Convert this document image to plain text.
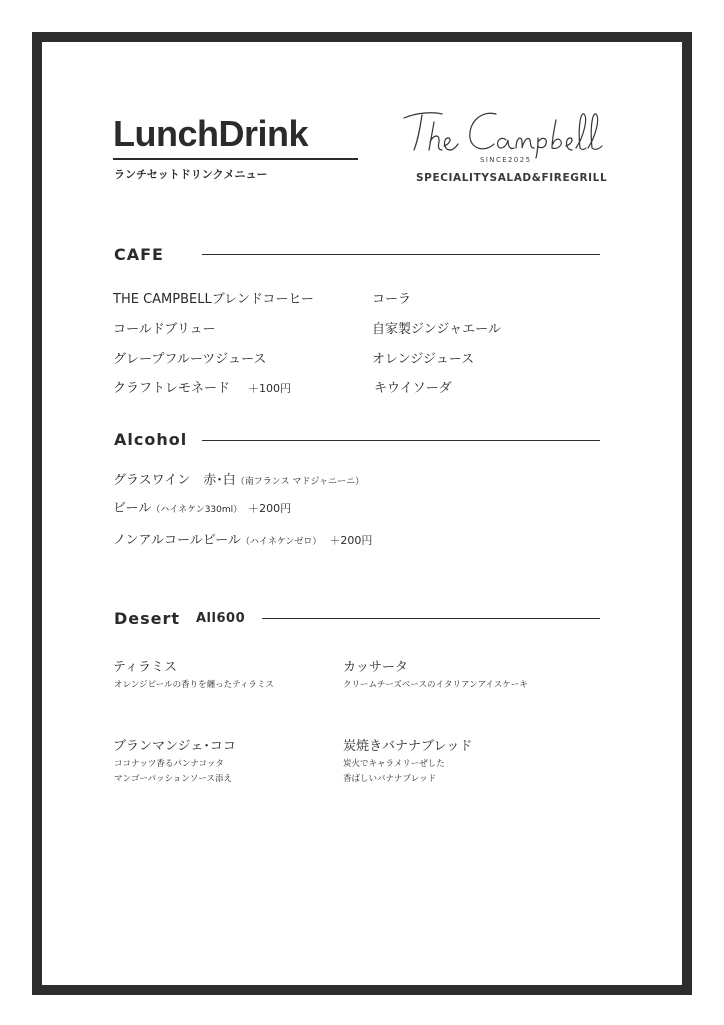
LunchDrink
ランチセットドリンクメニュー
SINCE2025
SPECIALITYSALAD&FIREGRILL
CAFE
THE CAMPBELLブレンドコーヒー
コールドブリュー
グレープフルーツジュース
クラフトレモネード ＋100円
コーラ
自家製ジンジャエール
オレンジジュース
キウイソーダ
Alcohol
グラスワイン　赤･白（南フランス マドジャニーニ）
ビール（ハイネケン330ml） ＋200円
ノンアルコールビール（ハイネケンゼロ） ＋200円
Desert All600
ティラミス
オレンジピールの香りを纏ったティラミス
カッサータ
クリームチーズベースのイタリアンアイスケーキ
ブランマンジェ･ココ
ココナッツ香るパンナコッタ
マンゴーパッションソース添え
炭焼きバナナブレッド
炭火でキャラメリーぜした
香ばしいバナナブレッド
